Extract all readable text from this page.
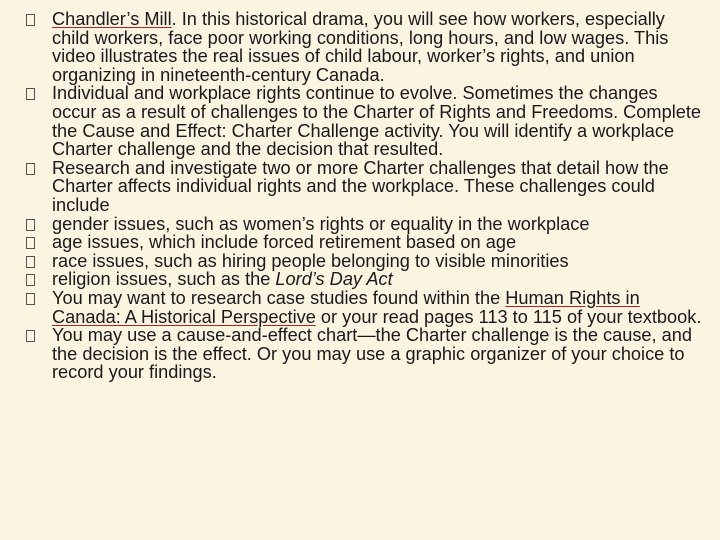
Chandler’s Mill. In this historical drama, you will see how workers, especially child workers, face poor working conditions, long hours, and low wages. This video illustrates the real issues of child labour, worker’s rights, and union organizing in nineteenth-century Canada.
Individual and workplace rights continue to evolve. Sometimes the changes occur as a result of challenges to the Charter of Rights and Freedoms. Complete the Cause and Effect: Charter Challenge activity. You will identify a workplace Charter challenge and the decision that resulted.
Research and investigate two or more Charter challenges that detail how the Charter affects individual rights and the workplace. These challenges could include
gender issues, such as women’s rights or equality in the workplace
age issues, which include forced retirement based on age
race issues, such as hiring people belonging to visible minorities
religion issues, such as the Lord’s Day Act
You may want to research case studies found within the Human Rights in Canada: A Historical Perspective or your read pages 113 to 115 of your textbook.
You may use a cause-and-effect chart—the Charter challenge is the cause, and the decision is the effect. Or you may use a graphic organizer of your choice to record your findings.
